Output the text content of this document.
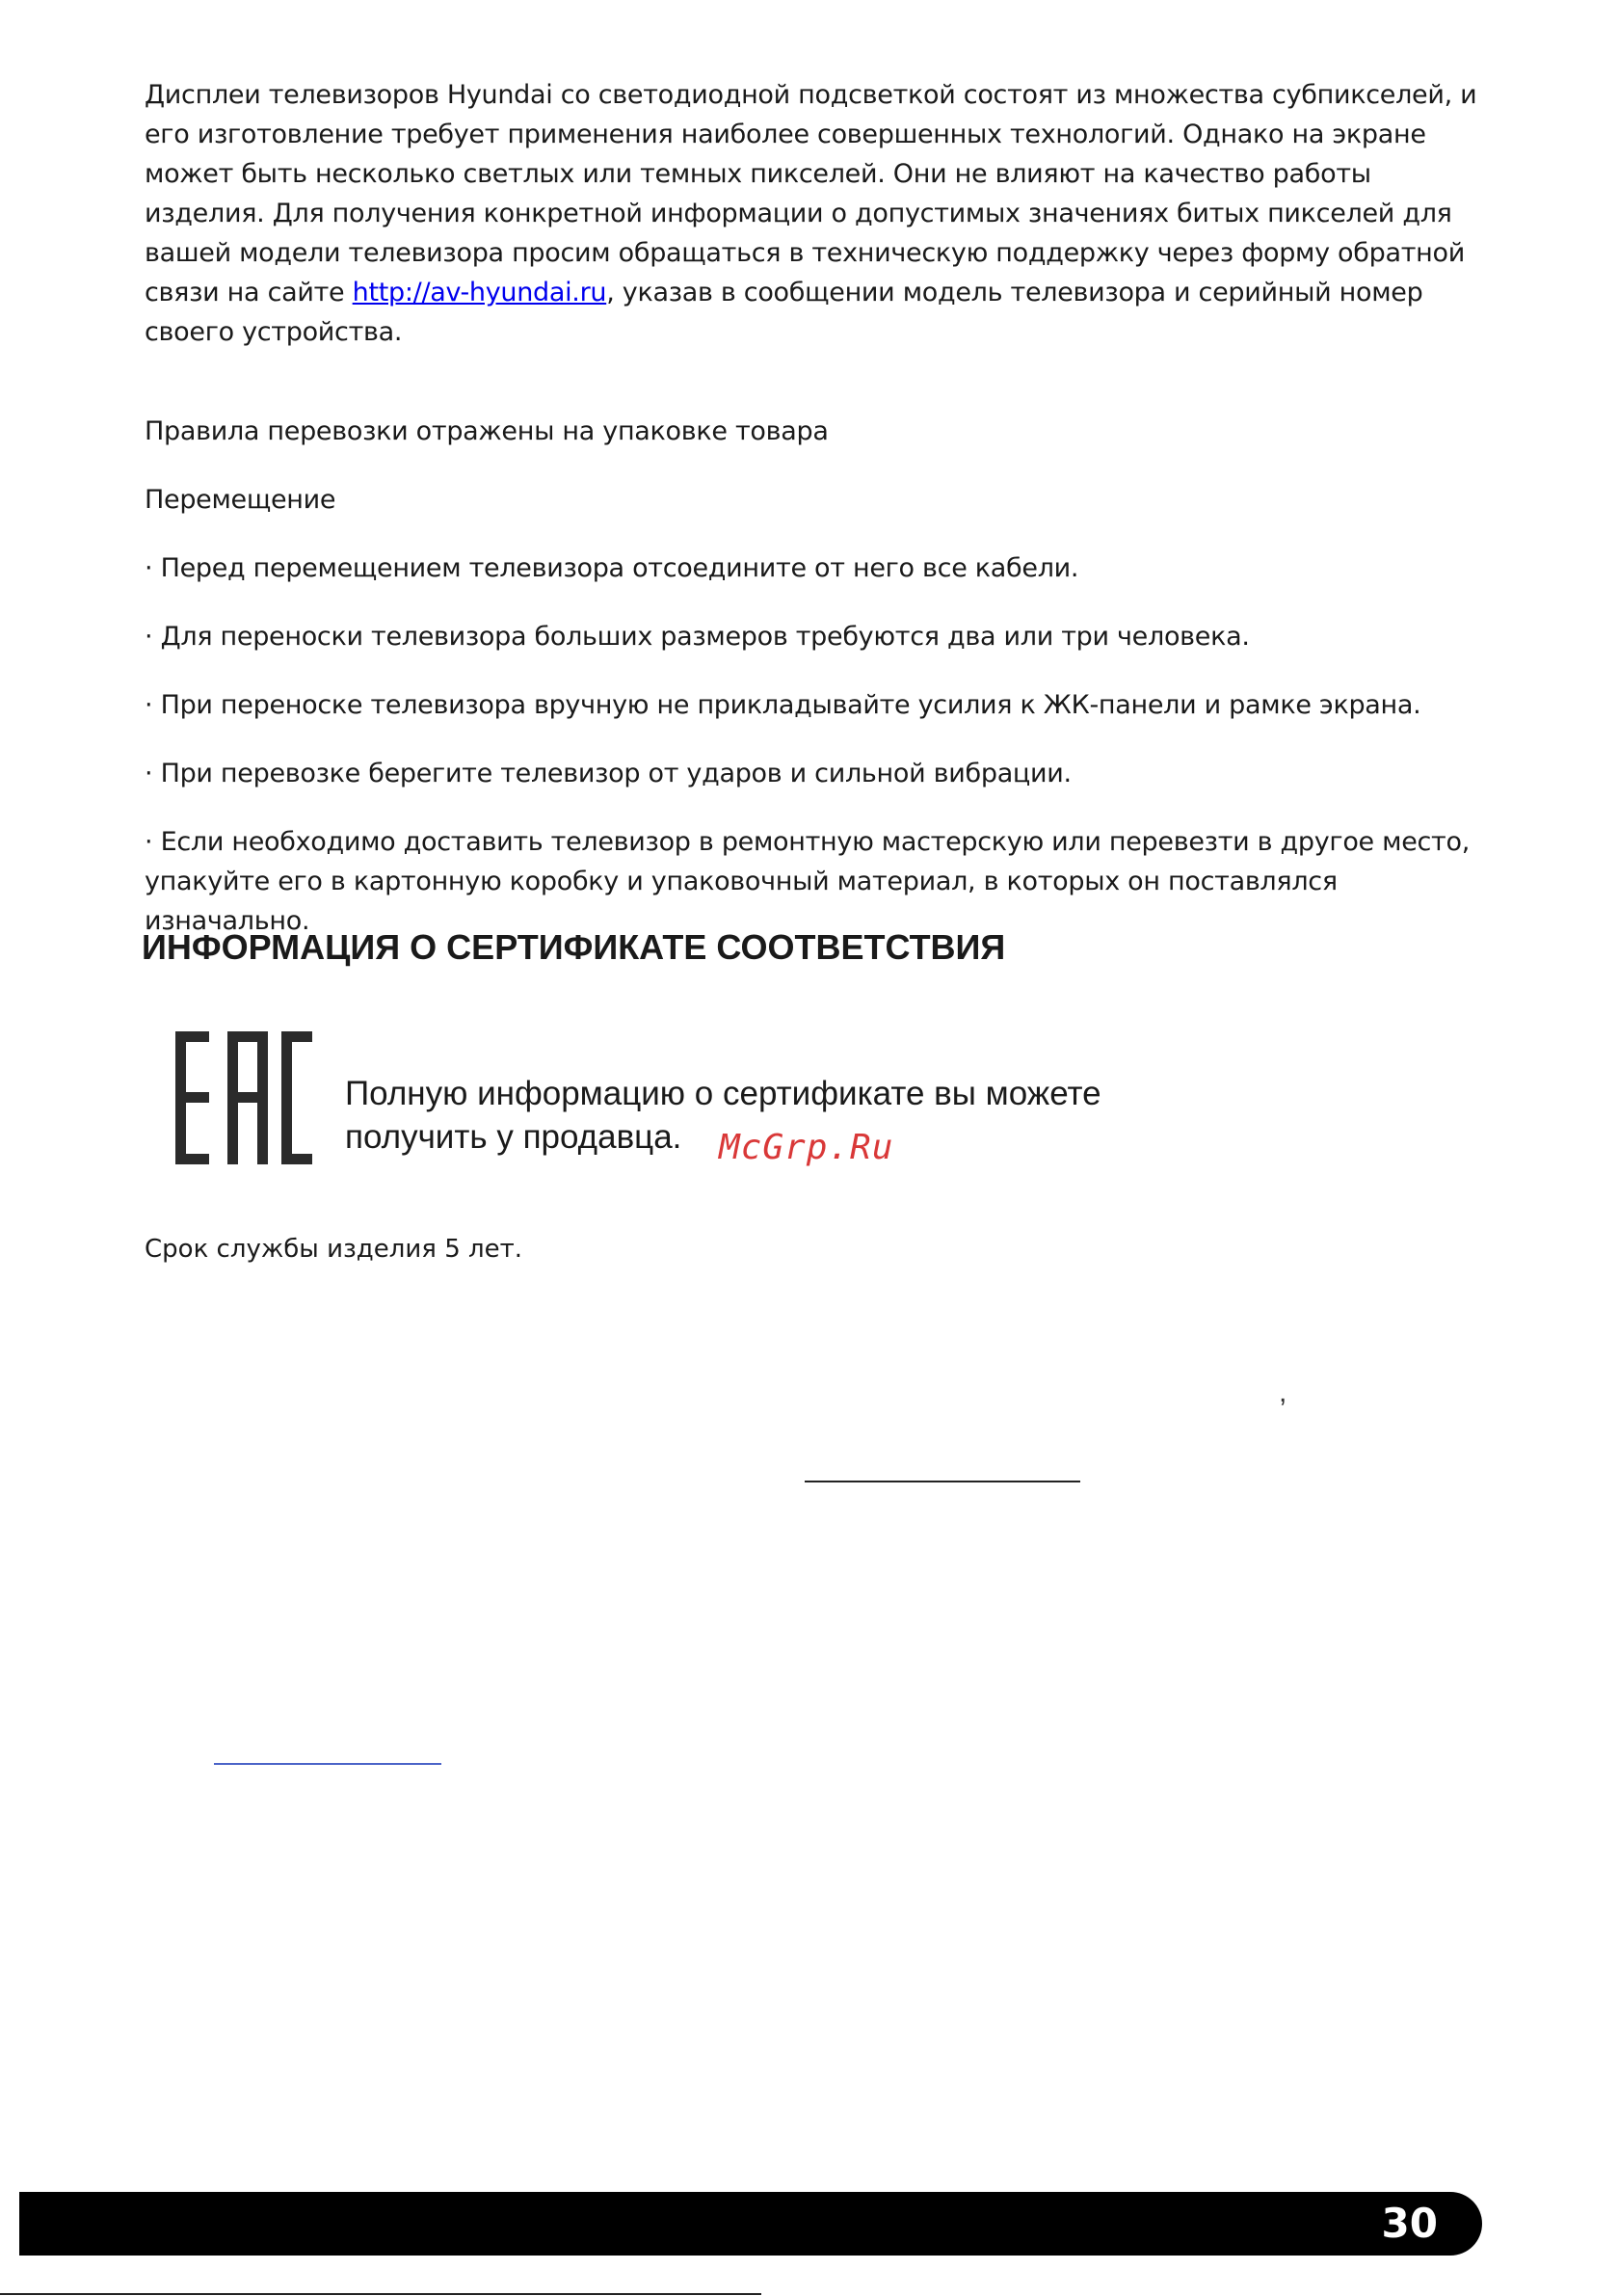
Дисплеи телевизоров Hyundai со светодиодной подсветкой состоят из множества субпикселей, и его изготовление требует применения наиболее совершенных технологий. Однако на экране может быть несколько светлых или темных пикселей. Они не влияют на качество работы изделия. Для получения конкретной информации о допустимых значениях битых пикселей для вашей модели телевизора просим обращаться в техническую поддержку через форму обратной связи на сайте http://av-hyundai.ru, указав в сообщении модель телевизора и серийный номер своего устройства.
Правила перевозки отражены на упаковке товара
Перемещение
· Перед перемещением телевизора отсоедините от него все кабели.
· Для переноски телевизора больших размеров требуются два или три человека.
· При переноске телевизора вручную не прикладывайте усилия к ЖК-панели и рамке экрана.
· При перевозке берегите телевизор от ударов и сильной вибрации.
· Если необходимо доставить телевизор в ремонтную мастерскую или перевезти в другое место, упакуйте его в картонную коробку и упаковочный материал, в которых он поставлялся изначально.
ИНФОРМАЦИЯ О СЕРТИФИКАТЕ СООТВЕТСТВИЯ
Полную информацию о сертификате вы можете
получить у продавца. McGrp.Ru
Срок службы изделия 5 лет.
,
30
